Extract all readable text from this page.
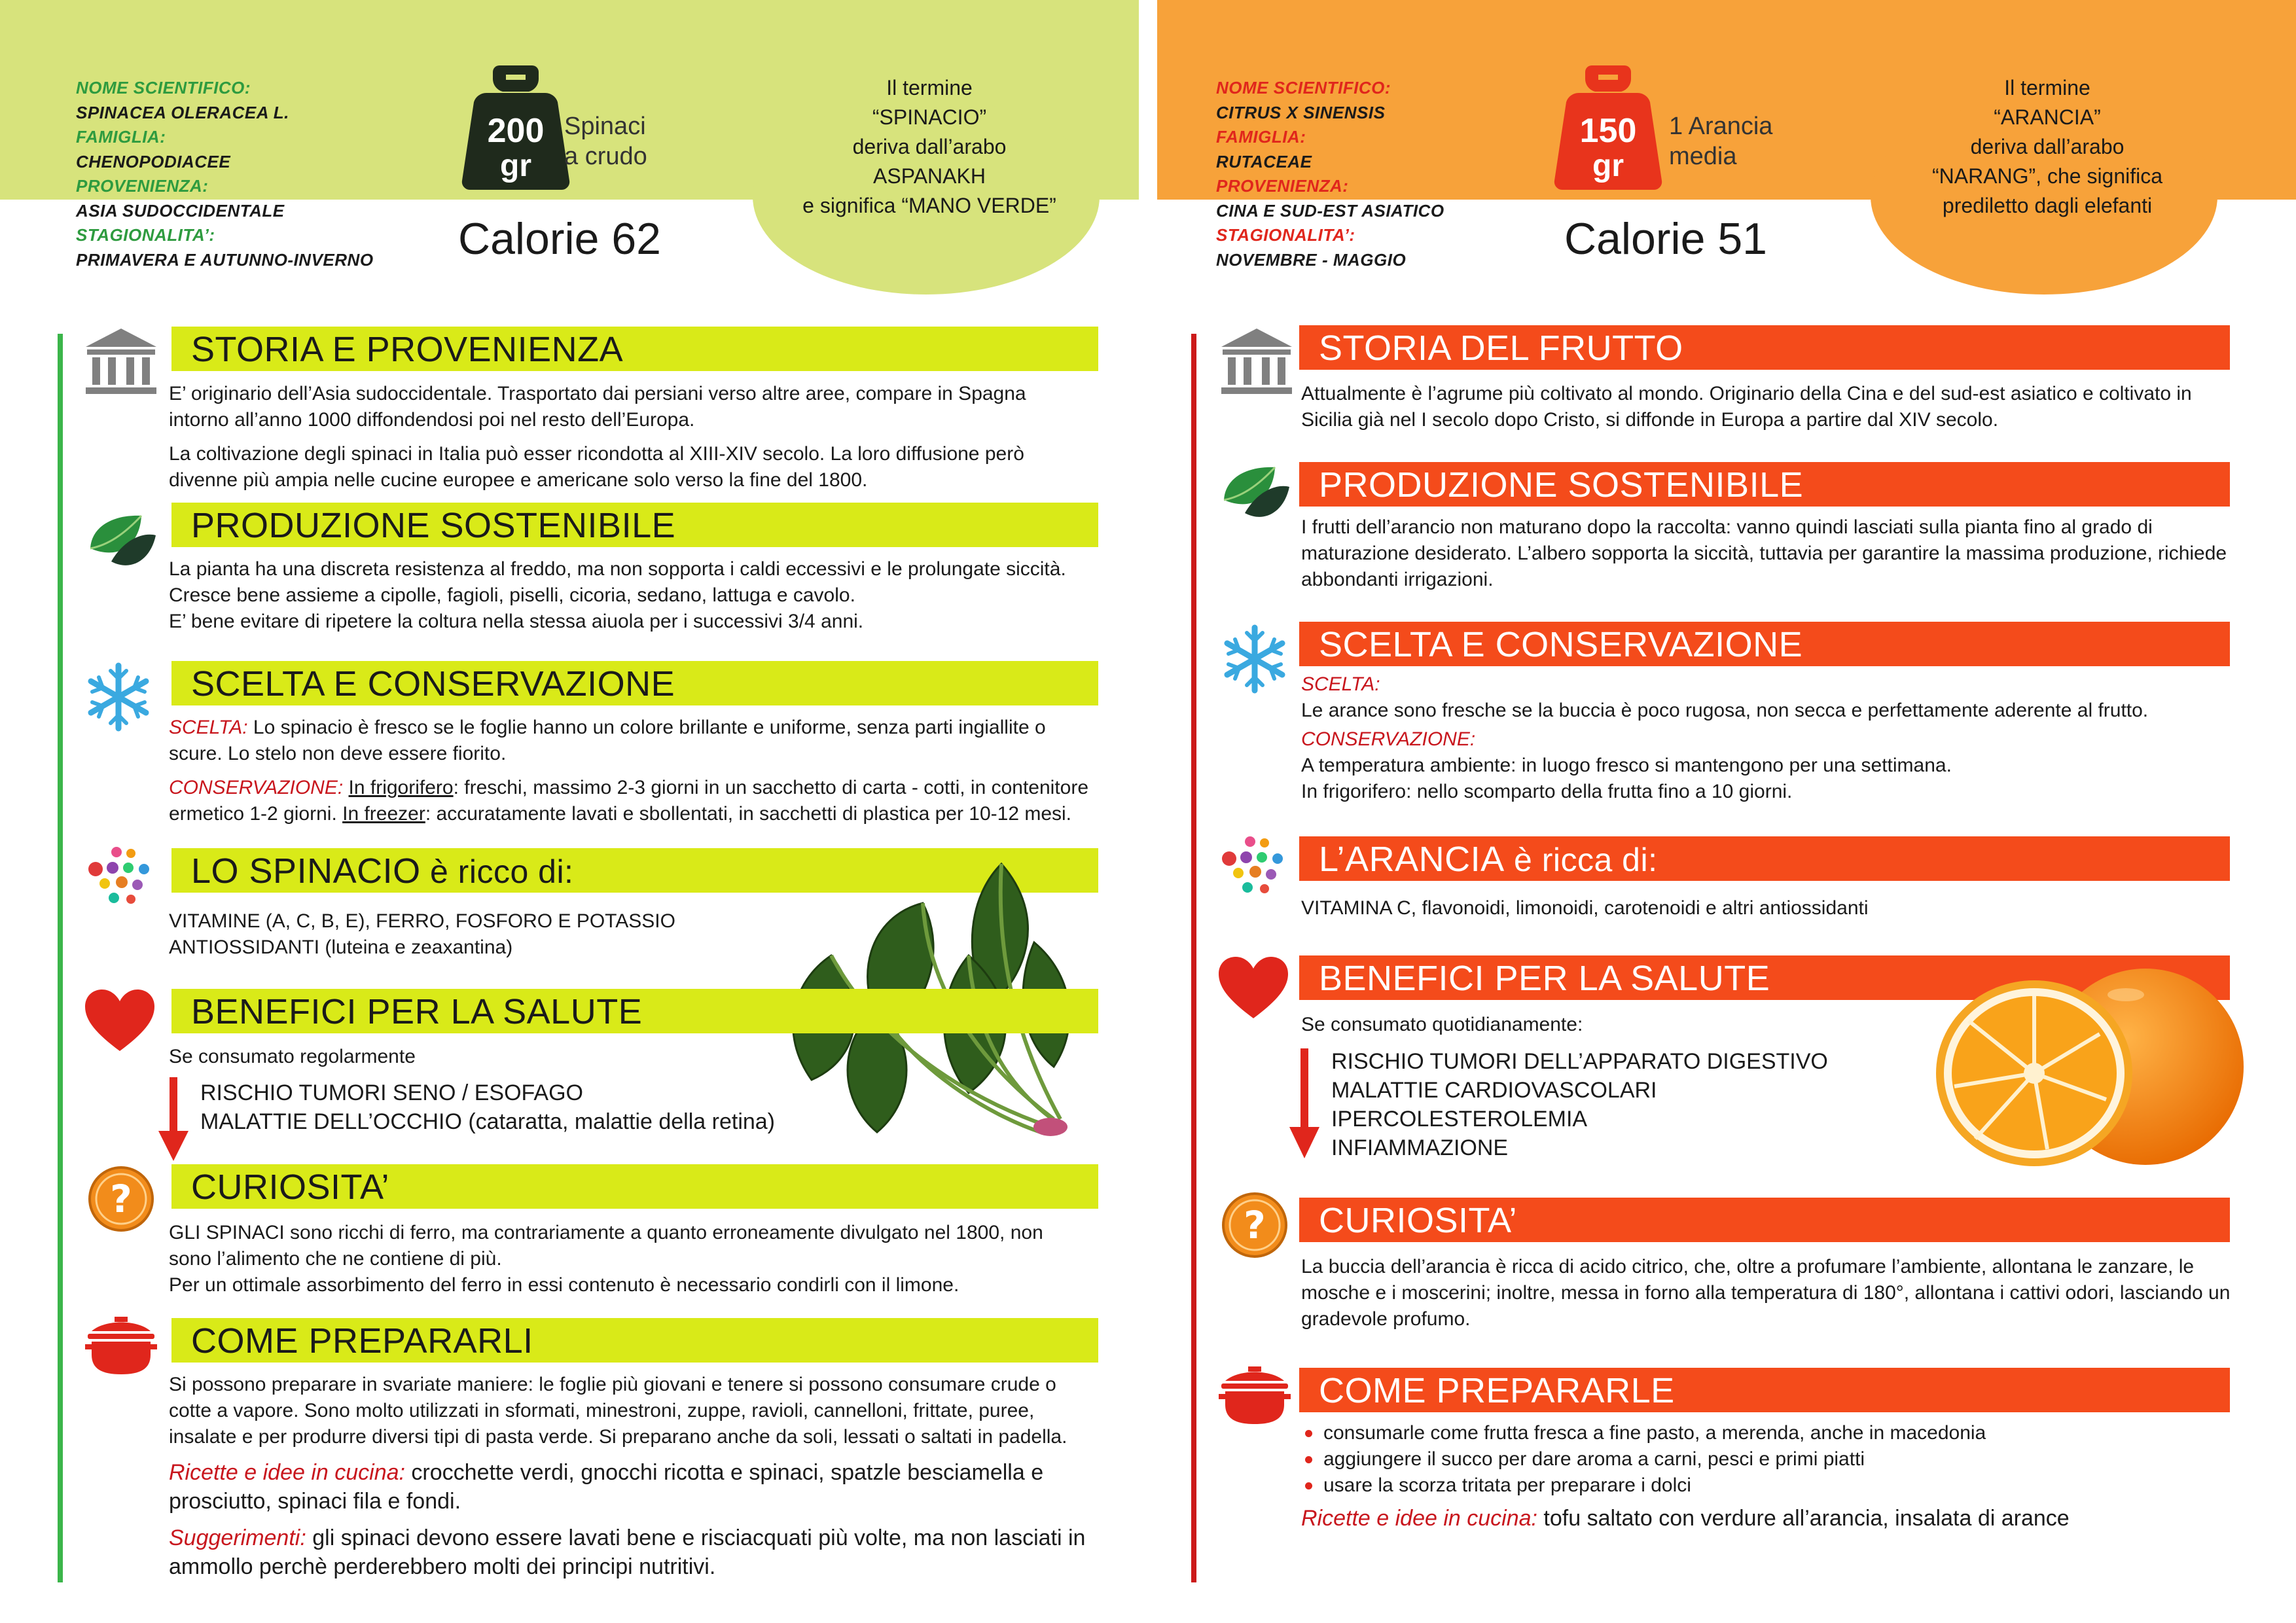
NOME SCIENTIFICO:
SPINACEA OLERACEA L.
FAMIGLIA:
CHENOPODIACEE
PROVENIENZA:
ASIA SUDOCCIDENTALE
STAGIONALITA’:
PRIMAVERA E AUTUNNO-INVERNO
200
gr
Spinaci
a crudo
Calorie 62
Il termine
“SPINACIO”
deriva dall’arabo
ASPANAKH
e significa “MANO VERDE”
STORIA E PROVENIENZA

E’ originario dell’Asia sudoccidentale. Trasportato dai persiani verso altre aree, compare in Spagna intorno all’anno 1000 diffondendosi poi nel resto dell’Europa.

La coltivazione degli spinaci in Italia può esser ricondotta al XIII-XIV secolo. La loro diffusione però divenne più ampia nelle cucine europee e americane solo verso la fine del 1800.

PRODUZIONE SOSTENIBILE

La pianta ha una discreta resistenza al freddo, ma non sopporta i caldi eccessivi e le prolungate siccità.

Cresce bene assieme a cipolle, fagioli, piselli, cicoria, sedano, lattuga e cavolo.

E’ bene evitare di ripetere la coltura nella stessa aiuola per i successivi 3/4 anni.

SCELTA E CONSERVAZIONE

SCELTA: Lo spinacio è fresco se le foglie hanno un colore brillante e uniforme, senza parti ingiallite o scure. Lo stelo non deve essere fiorito.

CONSERVAZIONE: In frigorifero: freschi, massimo 2-3 giorni in un sacchetto di carta - cotti, in contenitore ermetico 1-2 giorni. In freezer: accuratamente lavati e sbollentati, in sacchetti di plastica per 10-12 mesi.

LO SPINACIO è ricco di:

VITAMINE (A, C, B, E), FERRO, FOSFORO E POTASSIO

ANTIOSSIDANTI (luteina e zeaxantina)

BENEFICI PER LA SALUTE
Se consumato regolarmente

RISCHIO TUMORI SENO / ESOFAGO

MALATTIE DELL’OCCHIO (cataratta, malattie della retina)

?	CURIOSITA’

GLI SPINACI sono ricchi di ferro, ma contrariamente a quanto erroneamente divulgato nel 1800, non sono l’alimento che ne contiene di più.

Per un ottimale assorbimento del ferro in essi contenuto è necessario condirli con il limone.

COME PREPARARLI

Si possono preparare in svariate maniere: le foglie più giovani e tenere si possono consumare crude o cotte a vapore. Sono molto utilizzati in sformati, minestroni, zuppe, ravioli, cannelloni, frittate, puree, insalate e per produrre diversi tipi di pasta verde. Si preparano anche da soli, lessati o saltati in padella.

Ricette e idee in cucina: crocchette verdi, gnocchi ricotta e spinaci, spatzle besciamella e prosciutto, spinaci fila e fondi.

Suggerimenti: gli spinaci devono essere lavati bene e risciacquati più volte, ma non lasciati in ammollo perchè perderebbero molti dei principi nutritivi.

NOME SCIENTIFICO:
CITRUS X SINENSIS
FAMIGLIA:
RUTACEAE
PROVENIENZA:
CINA E SUD-EST ASIATICO
STAGIONALITA’:
NOVEMBRE - MAGGIO
150
gr
1 Arancia
media
Calorie 51
Il termine
“ARANCIA”
deriva dall’arabo
“NARANG”, che significa
prediletto dagli elefanti
STORIA DEL FRUTTO
Attualmente è l’agrume più coltivato al mondo. Originario della Cina e del sud-est asiatico e coltivato in Sicilia già nel I secolo dopo Cristo, si diffonde in Europa a partire dal XIV secolo.
PRODUZIONE SOSTENIBILE
I frutti dell’arancio non maturano dopo la raccolta: vanno quindi lasciati sulla pianta fino al grado di maturazione desiderato. L’albero sopporta la siccità, tuttavia per garantire la massima produzione, richiede abbondanti irrigazioni.
SCELTA E CONSERVAZIONE

SCELTA:

Le arance sono fresche se la buccia è poco rugosa, non secca e perfettamente aderente al frutto.

CONSERVAZIONE:

A temperatura ambiente: in luogo fresco si mantengono per una settimana.

In frigorifero: nello scomparto della frutta fino a 10 giorni.

L’ARANCIA è ricca di:
VITAMINA C, flavonoidi, limonoidi, carotenoidi e altri antiossidanti
BENEFICI PER LA SALUTE
Se consumato quotidianamente:

RISCHIO TUMORI DELL’APPARATO DIGESTIVO

MALATTIE CARDIOVASCOLARI

IPERCOLESTEROLEMIA

INFIAMMAZIONE

?	CURIOSITA’
La buccia dell’arancia è ricca di acido citrico, che, oltre a profumare l’ambiente, allontana le zanzare, le mosche e i moscerini; inoltre, messa in forno alla temperatura di 180°, allontana i cattivi odori, lasciando un gradevole profumo.
COME PREPARARLE
consumarle come frutta fresca a fine pasto, a merenda, anche in macedonia
aggiungere il succo per dare aroma a carni, pesci e primi piatti
usare la scorza tritata per preparare i dolci

Ricette e idee in cucina: tofu saltato con verdure all’arancia, insalata di arance
